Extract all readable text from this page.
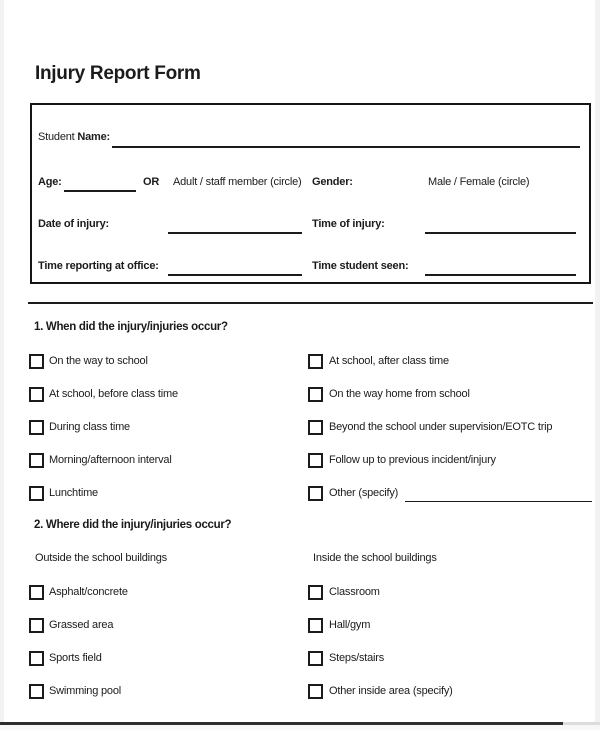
Injury Report Form
Student Name:
Age:	OR Adult / staff member (circle) Gender:	Male / Female (circle)
Date of injury:	Time of injury:
Time reporting at office:	Time student seen:
1. When did the injury/injuries occur?
On the way to school	At school, after class time
At school, before class time	On the way home from school
During class time	Beyond the school under supervision/EOTC trip
Morning/afternoon interval	Follow up to previous incident/injury
Lunchtime	Other (specify)
2. Where did the injury/injuries occur?
Outside the school buildings	Inside the school buildings
Asphalt/concrete	Classroom
Grassed area	Hall/gym
Sports field	Steps/stairs
Swimming pool	Other inside area (specify)
